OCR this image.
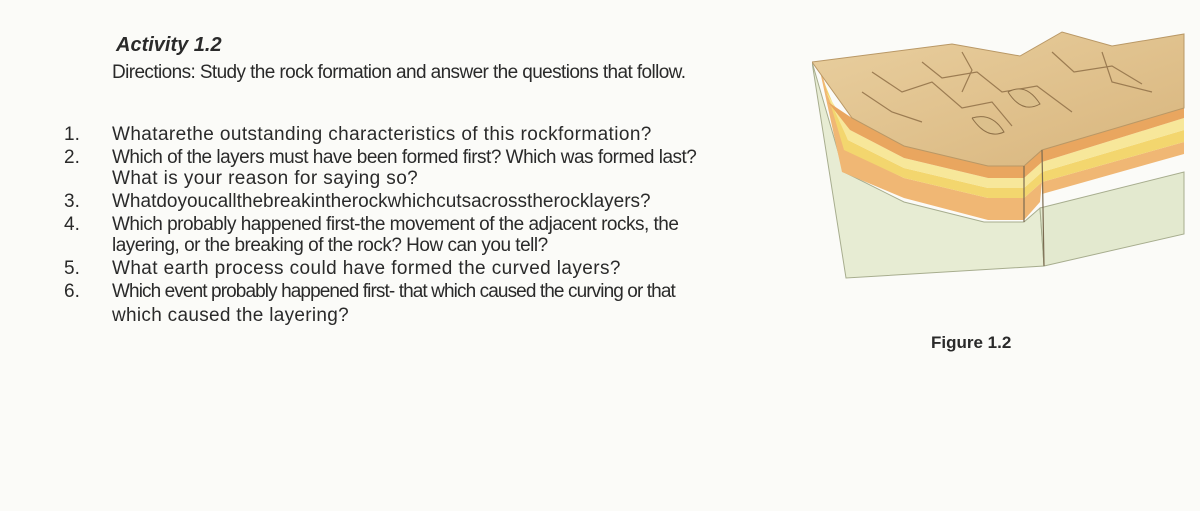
Activity 1.2
Directions: Study the rock formation and answer the questions that follow.
1.	Whatarethe outstanding characteristics of this rockformation?
2.	Which of the layers must have been formed first? Which was formed last?
What is your reason for saying so?
3.	Whatdoyoucallthebreakintherockwhichcutsacrosstherocklayers?
4.	Which probably happened first-the movement of the adjacent rocks, the
layering, or the breaking of the rock? How can you tell?
5.	What earth process could have formed the curved layers?
6.	Which event probably happened first- that which caused the curving or that
which caused the layering?
Figure 1.2
